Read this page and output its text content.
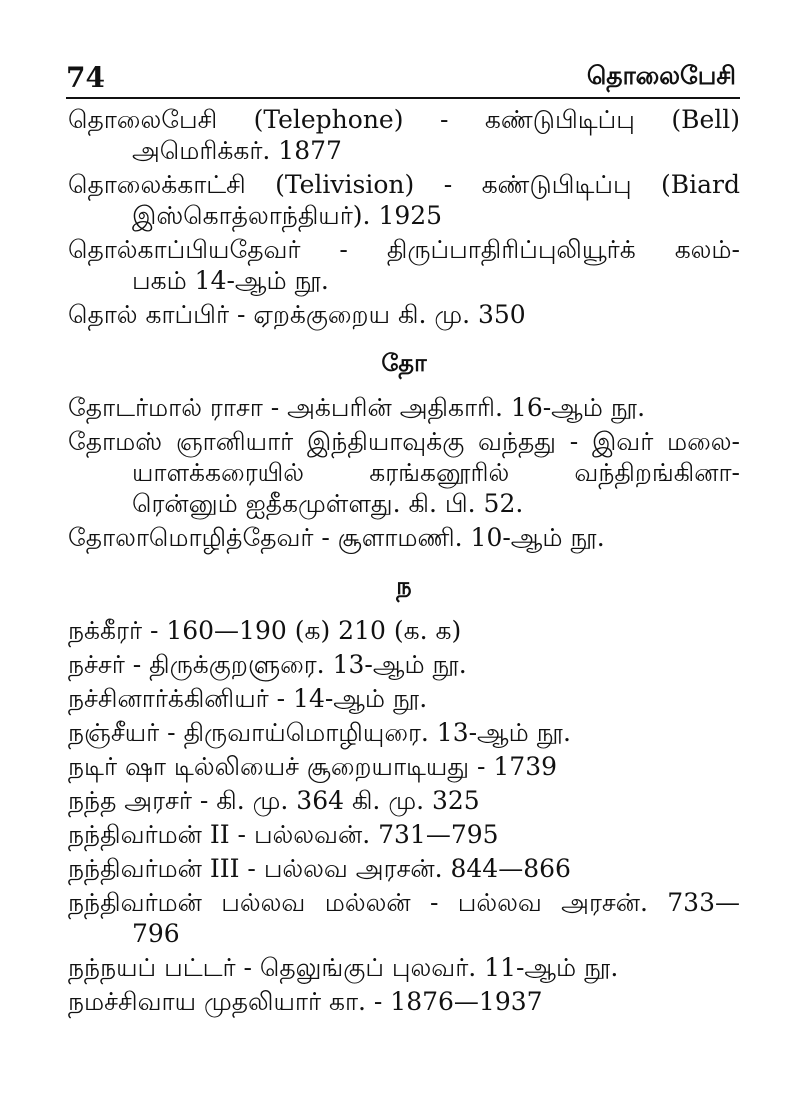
74	தொலைபேசி
தொலைபேசி (Telephone) - கண்டுபிடிப்பு (Bell)
அமெரிக்கர். 1877
தொலைக்காட்சி (Telivision) - கண்டுபிடிப்பு (Biard
இஸ்கொத்லாந்தியர்). 1925
தொல்காப்பியதேவர் - திருப்பாதிரிப்புலியூர்க் கலம்-
பகம் 14-ஆம் நூ.
தொல் காப்பிர் - ஏறக்குறைய கி. மு. 350
தோ
தோடர்மால் ராசா - அக்பரின் அதிகாரி. 16-ஆம் நூ.
தோமஸ் ஞானியார் இந்தியாவுக்கு வந்தது - இவர் மலை-
யாளக்கரையில் கரங்கனூரில் வந்திறங்கினா-
ரென்னும் ஐதீகமுள்ளது. கி. பி. 52.
தோலாமொழித்தேவர் - சூளாமணி. 10-ஆம் நூ.
ந
நக்கீரர் - 160—190 (க) 210 (க. க)
நச்சர் - திருக்குறளுரை. 13-ஆம் நூ.
நச்சினார்க்கினியர் - 14-ஆம் நூ.
நஞ்சீயர் - திருவாய்மொழியுரை. 13-ஆம் நூ.
நடிர் ஷா டில்லியைச் சூறையாடியது - 1739
நந்த அரசர் - கி. மு. 364 கி. மு. 325
நந்திவர்மன் II - பல்லவன். 731—795
நந்திவர்மன் III - பல்லவ அரசன். 844—866
நந்திவர்மன் பல்லவ மல்லன் - பல்லவ அரசன். 733—
796
நந்நயப் பட்டர் - தெலுங்குப் புலவர். 11-ஆம் நூ.
நமச்சிவாய முதலியார் கா. - 1876—1937
